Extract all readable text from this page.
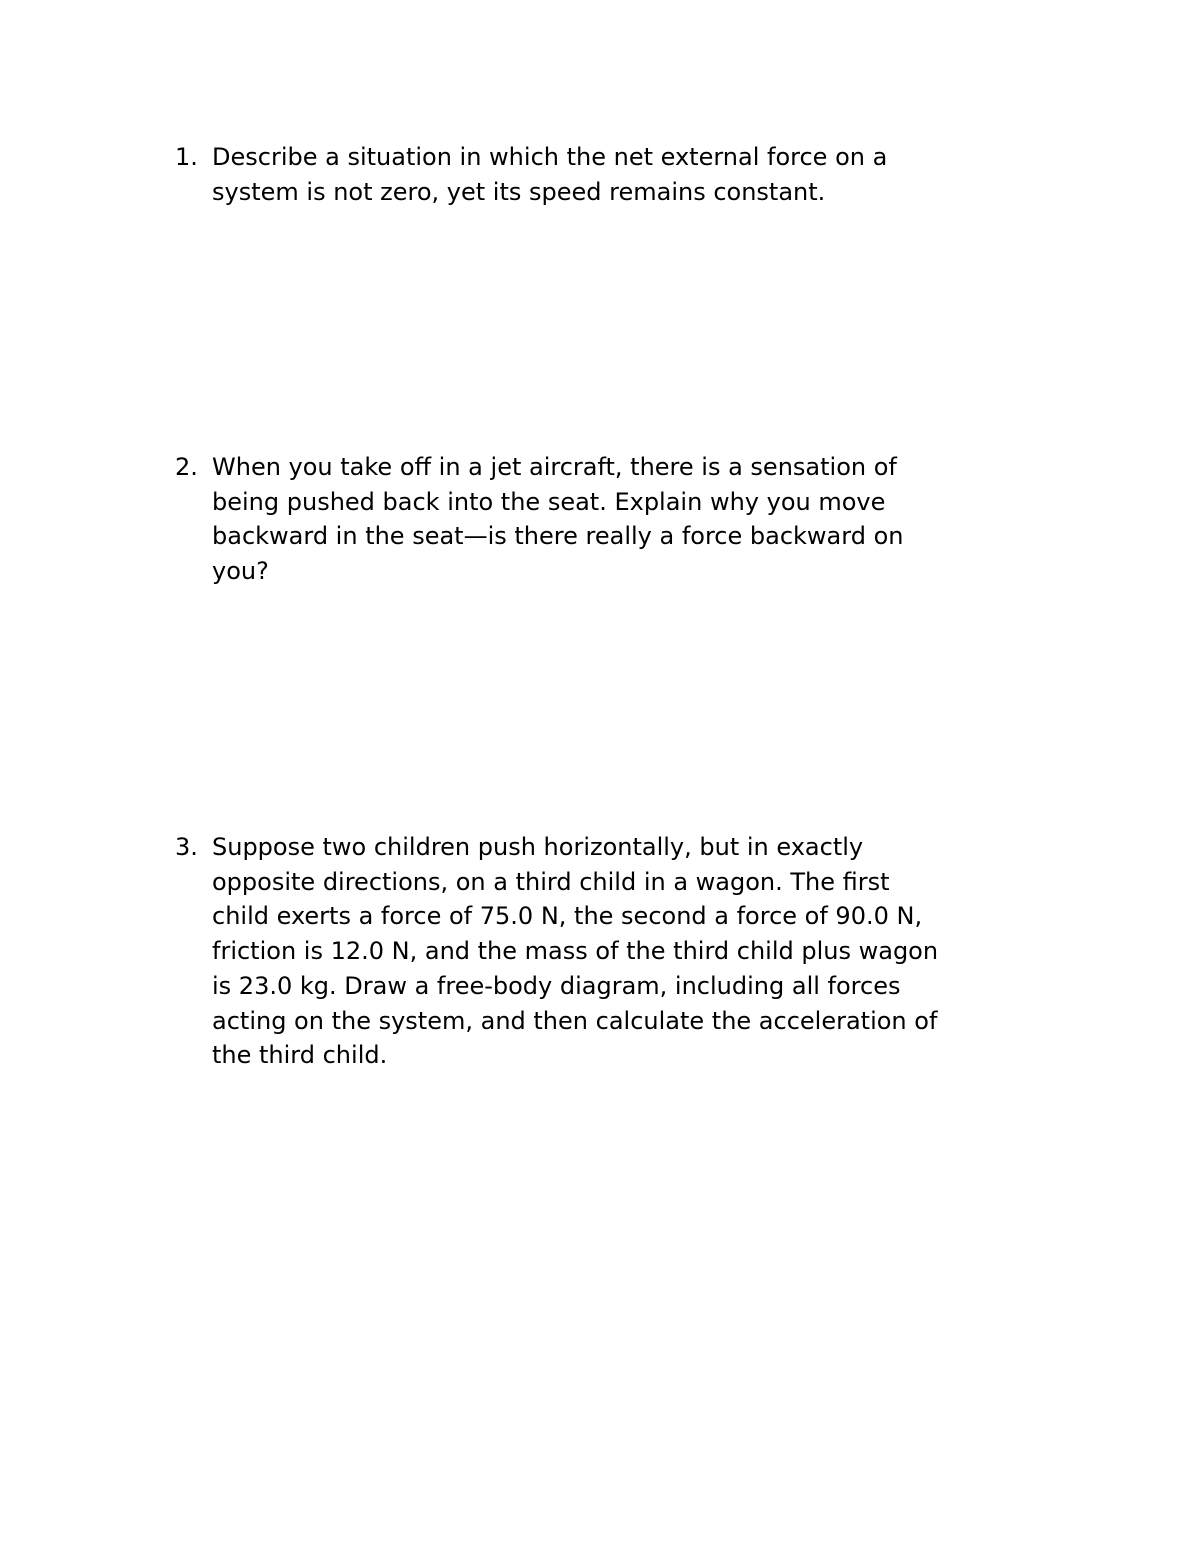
1. Describe a situation in which the net external force on a
system is not zero, yet its speed remains constant.
2. When you take off in a jet aircraft, there is a sensation of
being pushed back into the seat. Explain why you move
backward in the seat—is there really a force backward on
you?
3. Suppose two children push horizontally, but in exactly
opposite directions, on a third child in a wagon. The first
child exerts a force of 75.0 N, the second a force of 90.0 N,
friction is 12.0 N, and the mass of the third child plus wagon
is 23.0 kg. Draw a free-body diagram, including all forces
acting on the system, and then calculate the acceleration of
the third child.
